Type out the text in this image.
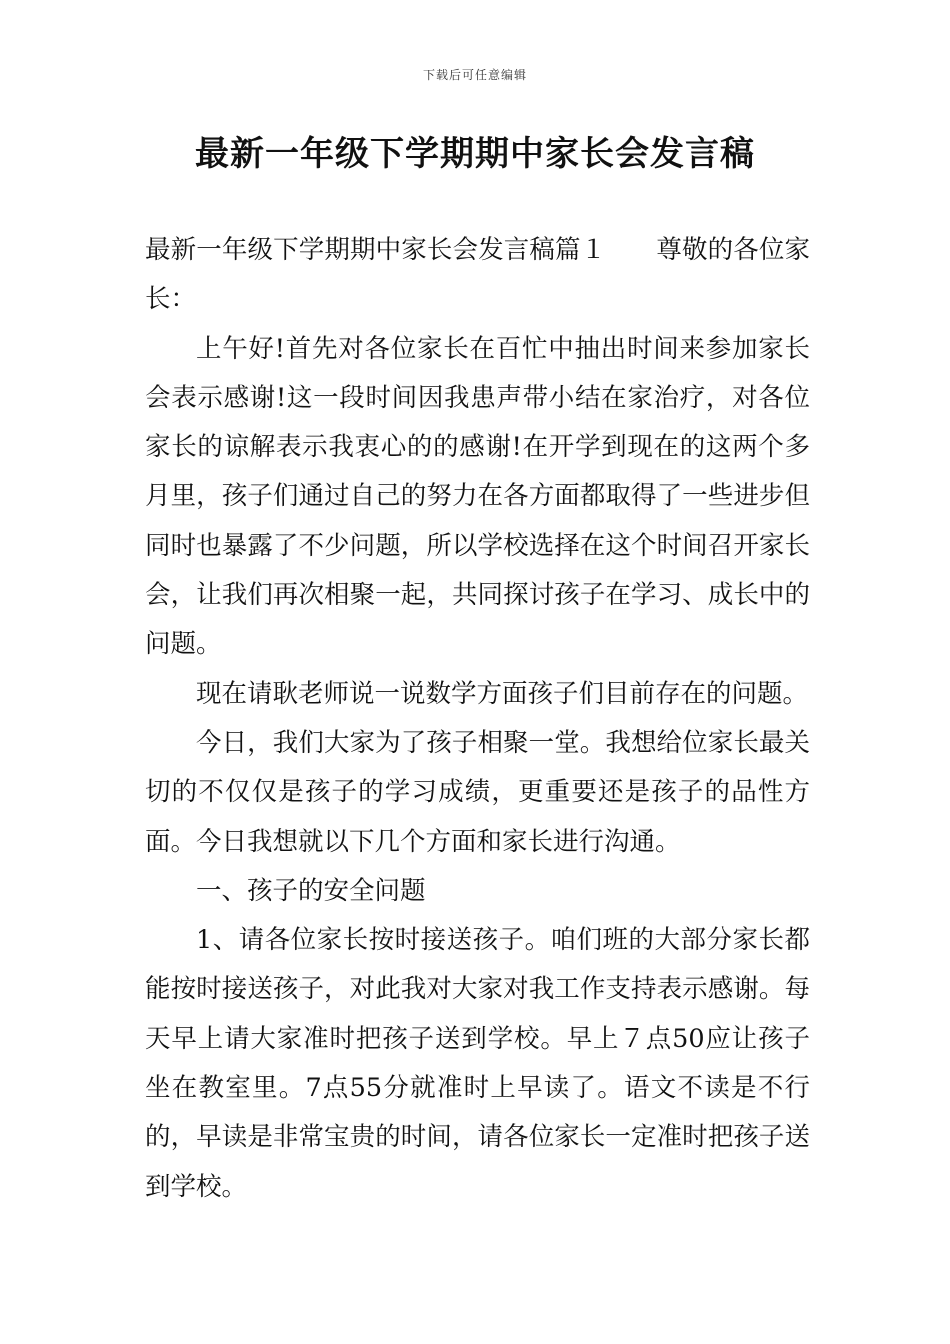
下载后可任意编辑
最新一年级下学期期中家长会发言稿

最新一年级下学期期中家长会发言稿篇１ 尊敬的各位家长：

上午好!首先对各位家长在百忙中抽出时间来参加家长会表示感谢!这一段时间因我患声带小结在家治疗，对各位家长的谅解表示我衷心的的感谢!在开学到现在的这两个多月里，孩子们通过自己的努力在各方面都取得了一些进步但同时也暴露了不少问题，所以学校选择在这个时间召开家长会，让我们再次相聚一起，共同探讨孩子在学习、成长中的问题。

现在请耿老师说一说数学方面孩子们目前存在的问题。

今日，我们大家为了孩子相聚一堂。我想给位家长最关切的不仅仅是孩子的学习成绩，更重要还是孩子的品性方面。今日我想就以下几个方面和家长进行沟通。

一、孩子的安全问题

1、请各位家长按时接送孩子。咱们班的大部分家长都能按时接送孩子，对此我对大家对我工作支持表示感谢。每天早上请大家准时把孩子送到学校。早上７点50应让孩子坐在教室里。7点55分就准时上早读了。语文不读是不行的，早读是非常宝贵的时间，请各位家长一定准时把孩子送到学校。
